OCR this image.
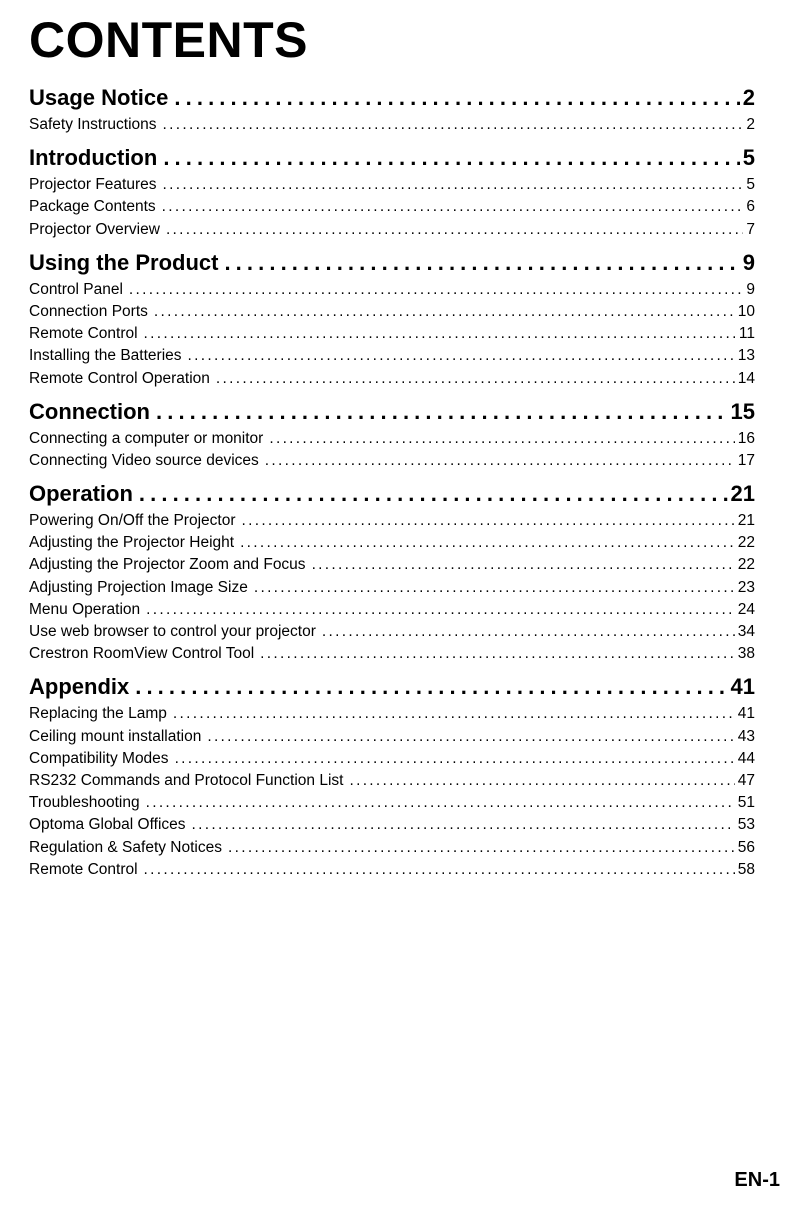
CONTENTS
Usage Notice . . .	2
Safety Instructions . . .	2
Introduction . . .	5
Projector Features . . .	5
Package Contents . . .	6
Projector Overview . . .	7
Using the Product . . .	9
Control Panel . . .	9
Connection Ports . . .	10
Remote Control . . .	11
Installing the Batteries . . .	13
Remote Control Operation . . .	14
Connection . . .	15
Connecting a computer or monitor . . .	16
Connecting Video source devices . . .	17
Operation . . .	21
Powering On/Off the Projector . . .	21
Adjusting the Projector Height . . .	22
Adjusting the Projector Zoom and Focus . . .	22
Adjusting Projection Image Size . . .	23
Menu Operation . . .	24
Use web browser to control your projector . . .	34
Crestron RoomView Control Tool . . .	38
Appendix . . .	41
Replacing the Lamp . . .	41
Ceiling mount installation . . .	43
Compatibility Modes . . .	44
RS232 Commands and Protocol Function List . . .	47
Troubleshooting . . .	51
Optoma Global Offices . . .	53
Regulation & Safety Notices . . .	56
Remote Control . . .	58
EN-1
